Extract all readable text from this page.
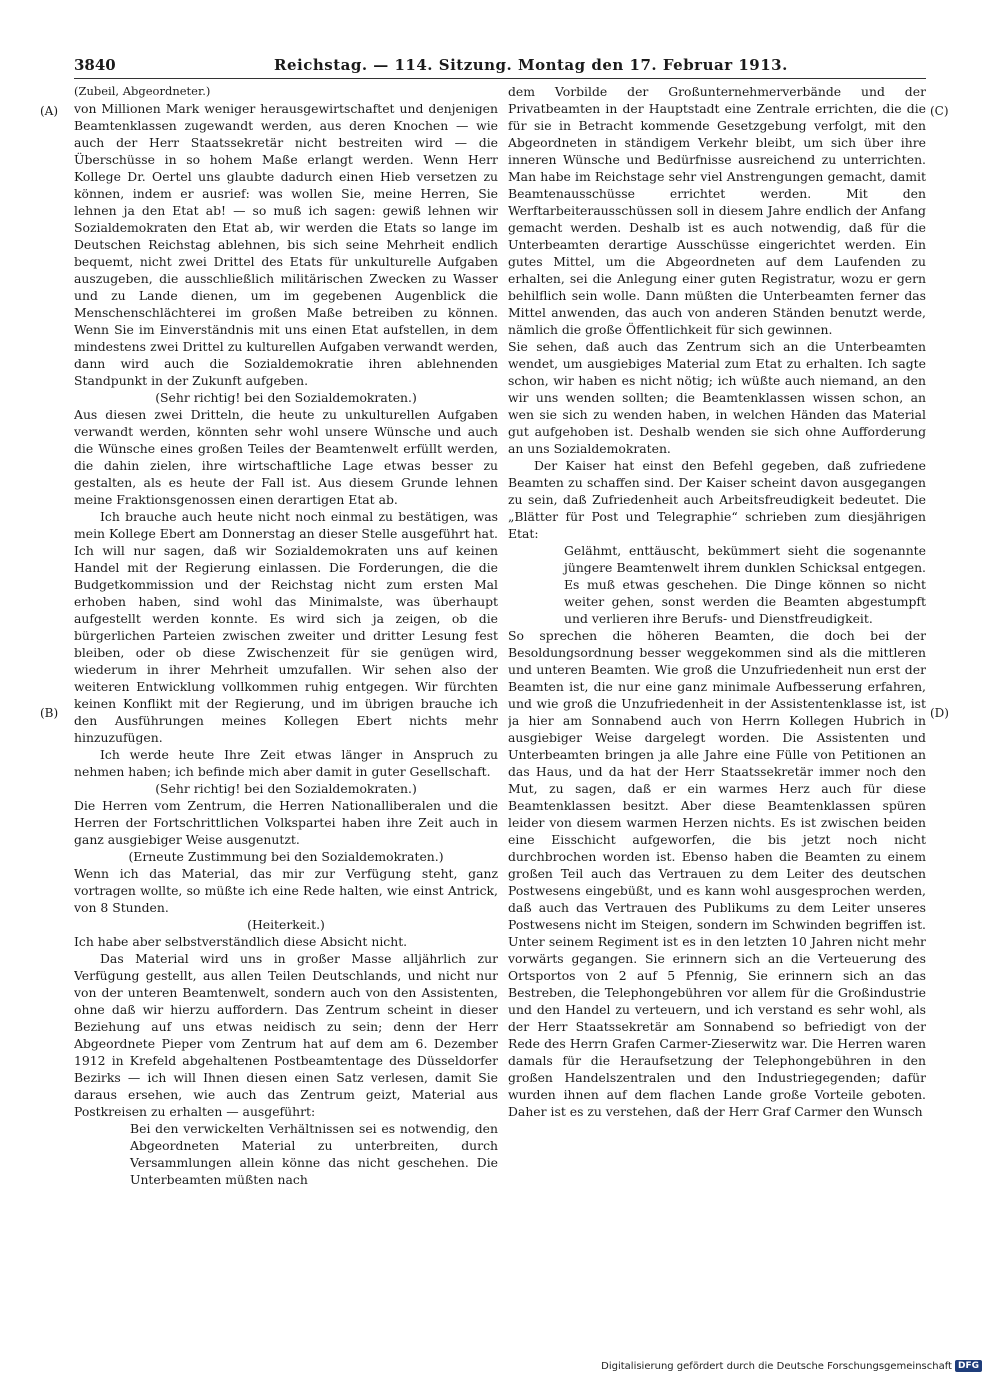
3840	Reichstag. — 114. Sitzung. Montag den 17. Februar 1913.
(A)
(B)
(C)
(D)

(Zubeil, Abgeordneter.)

von Millionen Mark weniger herausgewirtschaftet und denjenigen Beamtenklassen zugewandt werden, aus deren Knochen — wie auch der Herr Staatssekretär nicht bestreiten wird — die Überschüsse in so hohem Maße erlangt werden. Wenn Herr Kollege Dr. Oertel uns glaubte dadurch einen Hieb versetzen zu können, indem er ausrief: was wollen Sie, meine Herren, Sie lehnen ja den Etat ab! — so muß ich sagen: gewiß lehnen wir Sozialdemokraten den Etat ab, wir werden die Etats so lange im Deutschen Reichstag ablehnen, bis sich seine Mehrheit endlich bequemt, nicht zwei Drittel des Etats für unkulturelle Aufgaben auszugeben, die ausschließlich militärischen Zwecken zu Wasser und zu Lande dienen, um im gegebenen Augenblick die Menschenschlächterei im großen Maße betreiben zu können. Wenn Sie im Einverständnis mit uns einen Etat aufstellen, in dem mindestens zwei Drittel zu kulturellen Aufgaben verwandt werden, dann wird auch die Sozialdemokratie ihren ablehnenden Standpunkt in der Zukunft aufgeben.

(Sehr richtig! bei den Sozialdemokraten.)

Aus diesen zwei Dritteln, die heute zu unkulturellen Aufgaben verwandt werden, könnten sehr wohl unsere Wünsche und auch die Wünsche eines großen Teiles der Beamtenwelt erfüllt werden, die dahin zielen, ihre wirtschaftliche Lage etwas besser zu gestalten, als es heute der Fall ist. Aus diesem Grunde lehnen meine Fraktionsgenossen einen derartigen Etat ab.

Ich brauche auch heute nicht noch einmal zu bestätigen, was mein Kollege Ebert am Donnerstag an dieser Stelle ausgeführt hat. Ich will nur sagen, daß wir Sozialdemokraten uns auf keinen Handel mit der Regierung einlassen. Die Forderungen, die die Budgetkommission und der Reichstag nicht zum ersten Mal erhoben haben, sind wohl das Minimalste, was überhaupt aufgestellt werden konnte. Es wird sich ja zeigen, ob die bürgerlichen Parteien zwischen zweiter und dritter Lesung fest bleiben, oder ob diese Zwischenzeit für sie genügen wird, wiederum in ihrer Mehrheit umzufallen. Wir sehen also der weiteren Entwicklung vollkommen ruhig entgegen. Wir fürchten keinen Konflikt mit der Regierung, und im übrigen brauche ich den Ausführungen meines Kollegen Ebert nichts mehr hinzuzufügen.

Ich werde heute Ihre Zeit etwas länger in Anspruch zu nehmen haben; ich befinde mich aber damit in guter Gesellschaft.

(Sehr richtig! bei den Sozialdemokraten.)

Die Herren vom Zentrum, die Herren Nationalliberalen und die Herren der Fortschrittlichen Volkspartei haben ihre Zeit auch in ganz ausgiebiger Weise ausgenutzt.

(Erneute Zustimmung bei den Sozialdemokraten.)

Wenn ich das Material, das mir zur Verfügung steht, ganz vortragen wollte, so müßte ich eine Rede halten, wie einst Antrick, von 8 Stunden.

(Heiterkeit.)

Ich habe aber selbstverständlich diese Absicht nicht.

Das Material wird uns in großer Masse alljährlich zur Verfügung gestellt, aus allen Teilen Deutschlands, und nicht nur von der unteren Beamtenwelt, sondern auch von den Assistenten, ohne daß wir hierzu auffordern. Das Zentrum scheint in dieser Beziehung auf uns etwas neidisch zu sein; denn der Herr Abgeordnete Pieper vom Zentrum hat auf dem am 6. Dezember 1912 in Krefeld abgehaltenen Postbeamtentage des Düsseldorfer Bezirks — ich will Ihnen diesen einen Satz verlesen, damit Sie daraus ersehen, wie auch das Zentrum geizt, Material aus Postkreisen zu erhalten — ausgeführt:

Bei den verwickelten Verhältnissen sei es notwendig, den Abgeordneten Material zu unterbreiten, durch Versammlungen allein könne das nicht geschehen. Die Unterbeamten müßten nach

dem Vorbilde der Großunternehmerverbände und der Privatbeamten in der Hauptstadt eine Zentrale errichten, die die für sie in Betracht kommende Gesetzgebung verfolgt, mit den Abgeordneten in ständigem Verkehr bleibt, um sich über ihre inneren Wünsche und Bedürfnisse ausreichend zu unterrichten. Man habe im Reichstage sehr viel Anstrengungen gemacht, damit Beamtenausschüsse errichtet werden. Mit den Werftarbeiterausschüssen soll in diesem Jahre endlich der Anfang gemacht werden. Deshalb ist es auch notwendig, daß für die Unterbeamten derartige Ausschüsse eingerichtet werden. Ein gutes Mittel, um die Abgeordneten auf dem Laufenden zu erhalten, sei die Anlegung einer guten Registratur, wozu er gern behilflich sein wolle. Dann müßten die Unterbeamten ferner das Mittel anwenden, das auch von anderen Ständen benutzt werde, nämlich die große Öffentlichkeit für sich gewinnen.

Sie sehen, daß auch das Zentrum sich an die Unterbeamten wendet, um ausgiebiges Material zum Etat zu erhalten. Ich sagte schon, wir haben es nicht nötig; ich wüßte auch niemand, an den wir uns wenden sollten; die Beamtenklassen wissen schon, an wen sie sich zu wenden haben, in welchen Händen das Material gut aufgehoben ist. Deshalb wenden sie sich ohne Aufforderung an uns Sozialdemokraten.

Der Kaiser hat einst den Befehl gegeben, daß zufriedene Beamten zu schaffen sind. Der Kaiser scheint davon ausgegangen zu sein, daß Zufriedenheit auch Arbeitsfreudigkeit bedeutet. Die „Blätter für Post und Telegraphie“ schrieben zum diesjährigen Etat:

Gelähmt, enttäuscht, bekümmert sieht die sogenannte jüngere Beamtenwelt ihrem dunklen Schicksal entgegen. Es muß etwas geschehen. Die Dinge können so nicht weiter gehen, sonst werden die Beamten abgestumpft und verlieren ihre Berufs- und Dienstfreudigkeit.

So sprechen die höheren Beamten, die doch bei der Besoldungsordnung besser weggekommen sind als die mittleren und unteren Beamten. Wie groß die Unzufriedenheit nun erst der Beamten ist, die nur eine ganz minimale Aufbesserung erfahren, und wie groß die Unzufriedenheit in der Assistentenklasse ist, ist ja hier am Sonnabend auch von Herrn Kollegen Hubrich in ausgiebiger Weise dargelegt worden. Die Assistenten und Unterbeamten bringen ja alle Jahre eine Fülle von Petitionen an das Haus, und da hat der Herr Staatssekretär immer noch den Mut, zu sagen, daß er ein warmes Herz auch für diese Beamtenklassen besitzt. Aber diese Beamtenklassen spüren leider von diesem warmen Herzen nichts. Es ist zwischen beiden eine Eisschicht aufgeworfen, die bis jetzt noch nicht durchbrochen worden ist. Ebenso haben die Beamten zu einem großen Teil auch das Vertrauen zu dem Leiter des deutschen Postwesens eingebüßt, und es kann wohl ausgesprochen werden, daß auch das Vertrauen des Publikums zu dem Leiter unseres Postwesens nicht im Steigen, sondern im Schwinden begriffen ist. Unter seinem Regiment ist es in den letzten 10 Jahren nicht mehr vorwärts gegangen. Sie erinnern sich an die Verteuerung des Ortsportos von 2 auf 5 Pfennig, Sie erinnern sich an das Bestreben, die Telephongebühren vor allem für die Großindustrie und den Handel zu verteuern, und ich verstand es sehr wohl, als der Herr Staatssekretär am Sonnabend so befriedigt von der Rede des Herrn Grafen Carmer-Zieserwitz war. Die Herren waren damals für die Heraufsetzung der Telephongebühren in den großen Handelszentralen und den Industriegegenden; dafür wurden ihnen auf dem flachen Lande große Vorteile geboten. Daher ist es zu verstehen, daß der Herr Graf Carmer den Wunsch

Digitalisierung gefördert durch die Deutsche Forschungsgemeinschaft DFG
